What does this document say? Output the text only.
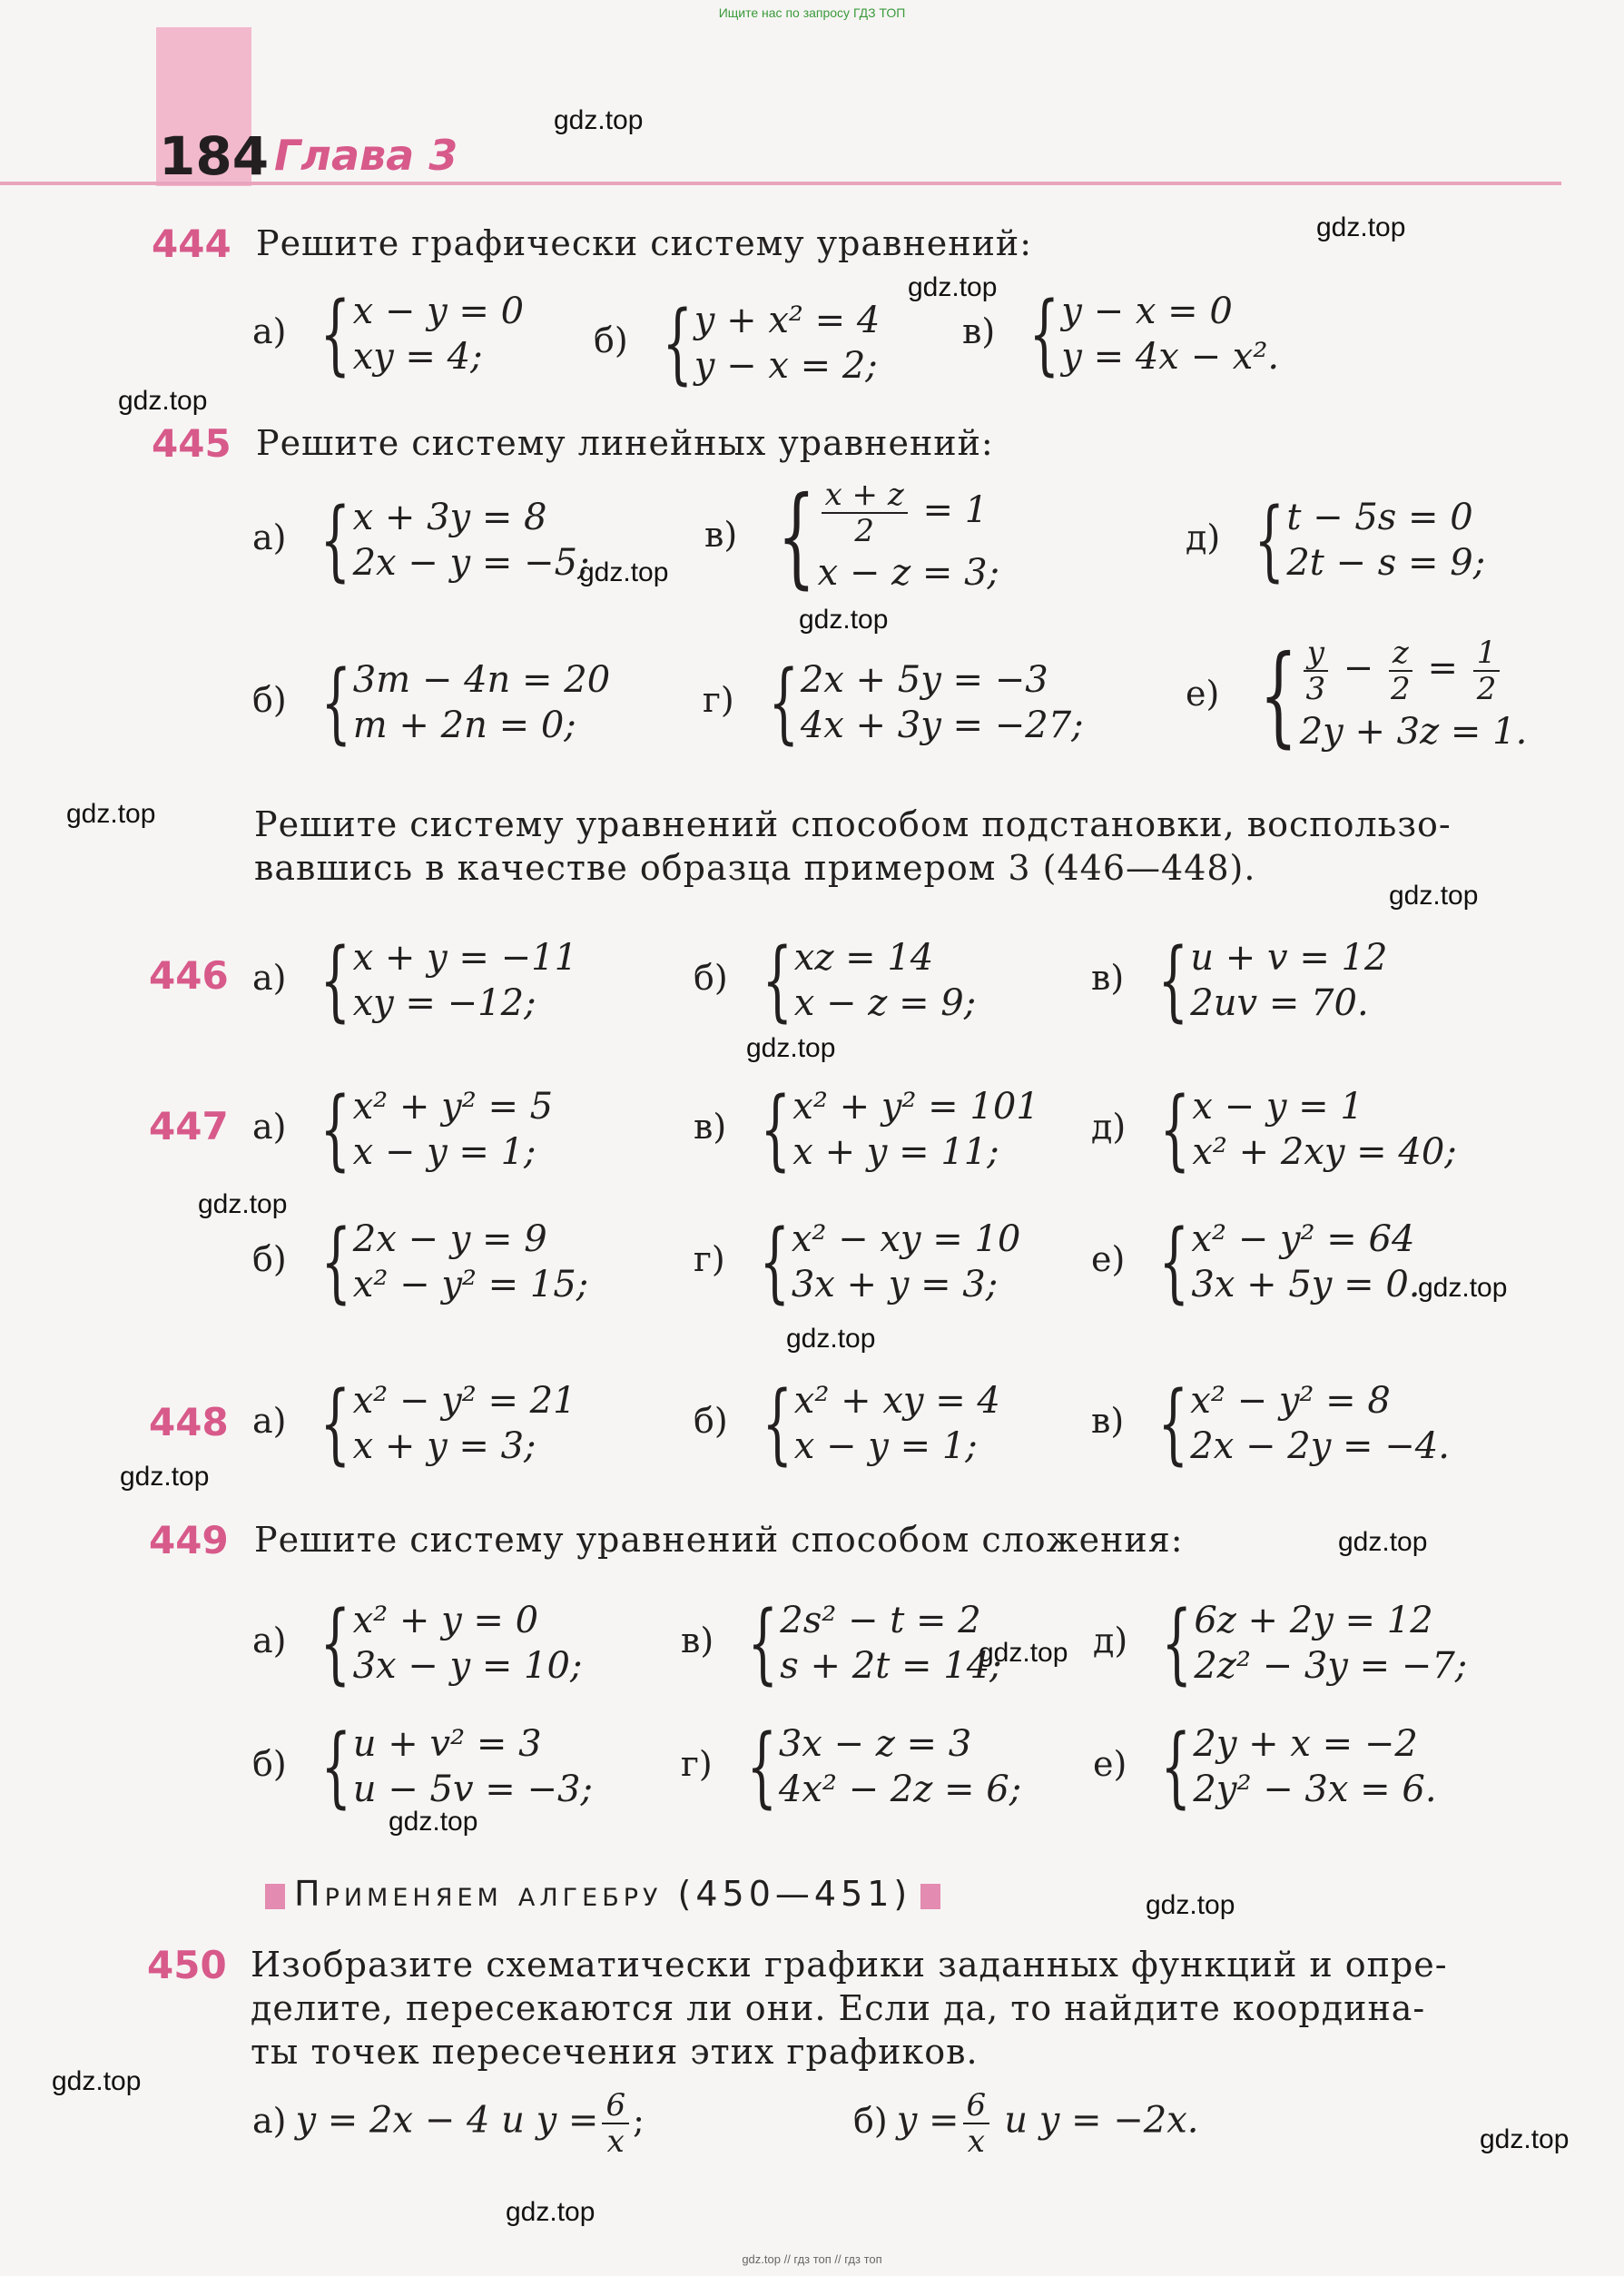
Ищите нас по запросу ГДЗ ТОП
184 Глава 3
gdz.top
gdz.top
gdz.top
gdz.top
gdz.top
gdz.top
gdz.top
gdz.top
gdz.top
gdz.top
gdz.top
gdz.top
gdz.top
gdz.top
gdz.top
gdz.top
gdz.top
gdz.top
gdz.top
gdz.top
444 Решите графически систему уравнений:
а) { x − y = 0
xy = 4;	б) { y + x² = 4
y − x = 2;
в) { y − x = 0
y = 4x − x².
445 Решите систему линейных уравнений:
а) { x + 3y = 8
2x − y = −5;
в) { $\frac{x + z}{2} = 1$
x − z = 3;
д) { t − 5s = 0
2t − s = 9;
б) { 3m − 4n = 20
m + 2n = 0;
г) { 2x + 5y = −3
4x + 3y = −27;
е) { $\frac{y}{3} - \frac{z}{2} = \frac{1}{2}$
2y + 3z = 1.
Решите систему уравнений способом подстановки, воспользо-
вавшись в качестве образца примером 3 (446—448).
446 а) { x + y = −11
xy = −12;
б) { xz = 14
x − z = 9;
в) { u + v = 12
2uv = 70.
447 а) { x² + y² = 5
x − y = 1;
в) { x² + y² = 101
x + y = 11;
д) { x − y = 1
x² + 2xy = 40;
б) { 2x − y = 9
x² − y² = 15;
г) { x² − xy = 10
3x + y = 3;
е) { x² − y² = 64
3x + 5y = 0.
448 а) { x² − y² = 21
x + y = 3;
б) { x² + xy = 4
x − y = 1;
в) { x² − y² = 8
2x − 2y = −4.
449 Решите систему уравнений способом сложения:
а) { x² + y = 0
3x − y = 10;
в) { 2s² − t = 2
s + 2t = 14;
д) { 6z + 2y = 12
2z² − 3y = −7;
б) { u + v² = 3
u − 5v = −3;
г) { 3x − z = 3
4x² − 2z = 6;
е) { 2y + x = −2
2y² − 3x = 6.
Применяем алгебру (450—451)
450 Изобразите схематически графики заданных функций и опре-
делите, пересекаются ли они. Если да, то найдите координа-
ты точек пересечения этих графиков.
а) y = 2x − 4 и $y = \frac{6}{x}$ ;	б) $y = \frac{6}{x}$ и y = −2x.
gdz.top // гдз топ // гдз топ
